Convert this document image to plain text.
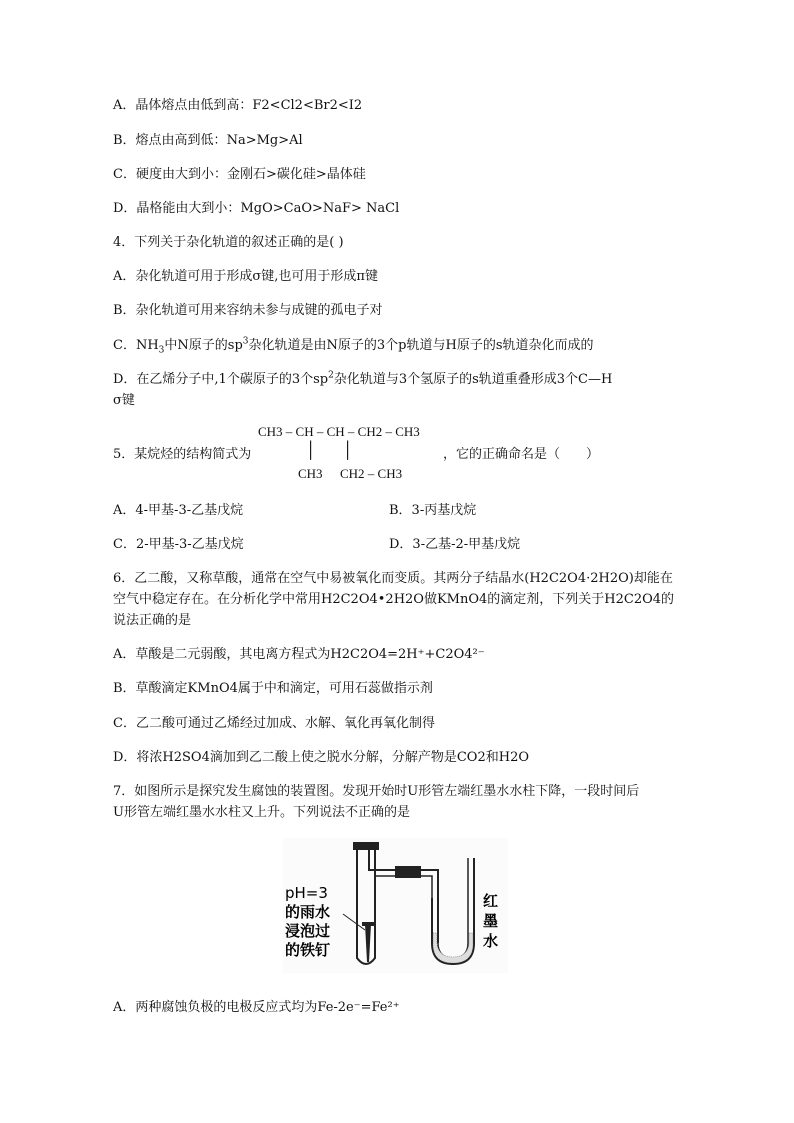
A．晶体熔点由低到高：F2<Cl2<Br2<I2
B．熔点由高到低：Na>Mg>Al
C．硬度由大到小：金刚石>碳化硅>晶体硅
D．晶格能由大到小：MgO>CaO>NaF> NaCl
4．下列关于杂化轨道的叙述正确的是( )
A．杂化轨道可用于形成σ键,也可用于形成π键
B．杂化轨道可用来容纳未参与成键的孤电子对
C．$NH_3$中N原子的$sp^3$杂化轨道是由N原子的3个p轨道与H原子的s轨道杂化而成的
D．在乙烯分子中,1个碳原子的3个$sp^2$杂化轨道与3个氢原子的s轨道重叠形成3个C—H
σ键
5．某烷烃的结构简式为
CH3 – CH – CH – CH2 – CH3
│ │
CH3 CH2 – CH3
，它的正确命名是（　　）
A．4-甲基-3-乙基戊烷	B．3-丙基戊烷
C．2-甲基-3-乙基戊烷	D．3-乙基-2-甲基戊烷
6．乙二酸，又称草酸，通常在空气中易被氧化而变质。其两分子结晶水(H2C2O4·2H2O)却能在
空气中稳定存在。在分析化学中常用H2C2O4•2H2O做KMnO4的滴定剂，下列关于H2C2O4的
说法正确的是
A．草酸是二元弱酸，其电离方程式为H2C2O4=2H⁺+C2O4²⁻
B．草酸滴定KMnO4属于中和滴定，可用石蕊做指示剂
C．乙二酸可通过乙烯经过加成、水解、氧化再氧化制得
D．将浓H2SO4滴加到乙二酸上使之脱水分解，分解产物是CO2和H2O
7．如图所示是探究发生腐蚀的装置图。发现开始时U形管左端红墨水水柱下降，一段时间后
U形管左端红墨水水柱又上升。下列说法不正确的是
pH=3
的雨水
浸泡过
的铁钉
红
墨
水
A．两种腐蚀负极的电极反应式均为Fe-2e⁻=Fe²⁺
